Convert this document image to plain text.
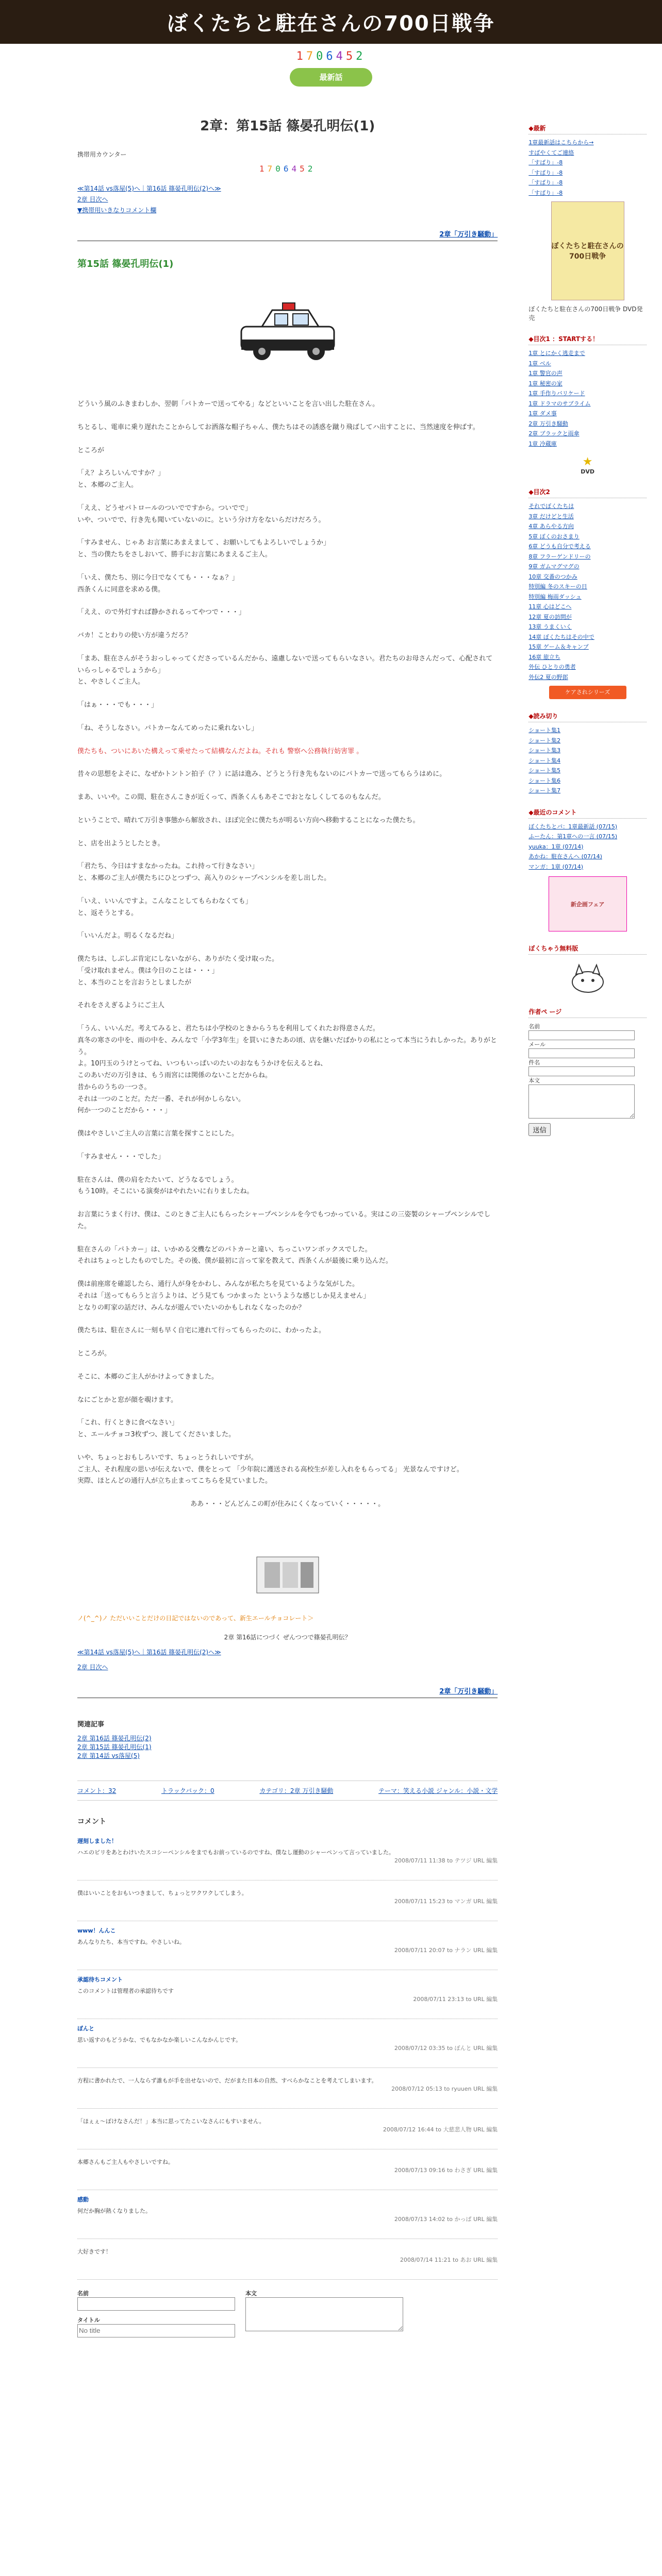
ぼくたちと駐在さんの700日戦争
1706452
最新話
2章：第15話 篠晏孔明伝(1)
携帯用カウンター
1706452

≪第14話 vs落屋(5)へ｜第16話 篠晏孔明伝(2)へ≫

2章 目次へ

▼携帯用いきなりコメント欄

2章「万引き騒動」
第15話 篠晏孔明伝(1)

どういう風のふきまわしか、翌朝「パトカーで送ってやる」などといいことを言い出した駐在さん。

ちとるし、電車に乗り遅れたことからしてお洒落な帽子ちゃん、僕たちはその誘惑を蹴り飛ばしてハ出すことに、当然速度を伸ばす。

ところが

「え？よろしいんですか？」
と、本郷のご主人。

「ええ、どうせパトロールのついでですから。ついでで」
いや、ついでで、行き先も聞いていないのに。という分け方をないらだけだろう。

「すみません、じゃあ お言葉にあまえまして 、お願いしてもよろしいでしょうか」
と、当の僕たちをさしおいて、勝手にお言葉にあまえるご主人。

「いえ、僕たち、別に今日でなくても・・・なぁ？」
西条くんに同意を求める僕。

「ええ、ので外灯すれば静かされるってやつで・・・」

バカ！ことわりの使い方が違うだろ？

「まあ、駐在さんがそうおっしゃってくださっているんだから、遠慮しないで送ってもらいなさい。君たちのお母さんだって、心配されていらっしゃるでしょうから」
と、やさしくご主人。

「はぁ・・・でも・・・」

「ね、そうしなさい。パトカーなんてめったに乗れないし」

僕たちも、ついにあいた構えって乗せたって結構なんだよね。それも 警察へ公務執行妨害罪 。

昔々の思想をよそに、なぜかトントン拍子（？）に話は進み、どうとう行き先もないのにパトカーで送ってもらうはめに。

まあ、いいや。この間、駐在さんこきが近くって、西条くんもあそこでおとなしくしてるのもなんだ。

ということで、晴れて万引き事態から解放され、ほぼ完全に僕たちが明るい方向へ移動することになった僕たち。

と、店を出ようとしたとき。

「君たち、今日はすまなかったね。これ持って行きなさい」
と、本郷のご主人が僕たちにひとつずつ、高入りのシャープペンシルを差し出した。

「いえ、いいんですよ。こんなことしてもらわなくても」
と、返そうとする。

「いいんだよ。明るくなるだね」

僕たちは、しぶしぶ肯定にしないながら、ありがたく受け取った。
「受け取れません。僕は今日のことは・・・」
と、本当のことを言おうとしましたが

それをさえぎるようにご主人

「うん、いいんだ。考えてみると、君たちは小学校のときからうちを利用してくれたお得意さんだ。
真冬の寒さの中を、雨の中を、みんなで「小学3年生」を買いにきたあの頃、店を継いだばかりの私にとって本当にうれしかった。ありがとう。
よ。10円玉のうけとってね、いつもいっぱいのたいのおなもうかけを伝えるとね、
このあいだの万引きは、もう雨宮には関係のないことだからね。
昔からのうちの一つさ。
それは一つのことだ。ただ一番、それが何かしらない。
何か一つのことだから・・・」

僕はやさしいご主人の言葉に言葉を探すことにした。

「すみません・・・でした」

駐在さんは、僕の肩をたたいて、どうなるでしょう。
もう10時。そこにいる演奏がはやれたいに右りましたね。

お言葉にうまく行け、僕は、このときご主人にもらったシャープペンシルを今でもつかっている。実はこの三姿製のシャープペンシルでした。

駐在さんの「パトカー」は、いかめる交機などのパトカーと違い、ちっこいワンボックスでした。
それはちょっとしたものでした。その後、僕が最初に言って家を教えて、西条くんが最後に乗り込んだ。

僕は前座席を確認したら、通行人が身をかわし、みんなが私たちを見ているような気がした。
それは「送ってもらうと言うよりは、どう見ても つかまった というような感じしか見えません」
となりの町家の話だけ、みんなが遊んでいたいのかもしれなくなったのか？

僕たちは、駐在さんに一刻も早く自宅に連れて行ってもらったのに、わかったよ。

ところが。

そこに、本郷のご主人がかけよってきました。

なにごとかと窓が顔を覗けます。

「これ、行くときに食べなさい」
と、エールチョコ3枚ずつ、渡してくださいました。

いや、ちょっとおもしろいです、ちょっとうれしいですが。
ご主人、それ程度の思いが伝えないで、僕をとって 「少年院に護送される高校生が差し入れをもらってる」 光景なんですけど。
実際、ほとんどの通行人が立ち止まってこちらを見ていました。

ああ・・・どんどんこの町が住みにくくなっていく・・・・・。

ノ(^_^)ノ ただいいことだけの日記ではないのであって、新生エールチョコレート＞

2章 第16話につづく ぜんつつで篠晏孔明伝？

≪第14話 vs落屋(5)へ｜第16話 篠晏孔明伝(2)へ≫

2章 目次へ

2章「万引き騒動」
関連記事
2章 第16話 篠晏孔明伝(2)
2章 第15話 篠晏孔明伝(1)
2章 第14話 vs落屋(5)
コメント：32	トラックバック：0	カテゴリ：2章 万引き騒動	テーマ：笑える小説 ジャンル：小説・文学
コメント
遅刻しました！
ハエのビリをあとわけいたスコシーペンシルをまでもお前っているのですね、僕なし運動のシャーペンって言っていました。
2008/07/11 11:38 to テツジ URL 編集
僕はいいことをおもいつきまして、ちょっとワクワクしてしまう。
2008/07/11 15:23 to マンガ URL 編集
www！んんこ
あんなりたち、本当ですね。やさしいね。
2008/07/11 20:07 to ナラン URL 編集
承認待ちコメント
このコメントは管理者の承認待ちです
2008/07/11 23:13 to URL 編集
ぼんと
思い返すのもどうかな、でもなかなか楽しいこんなかんじです。
2008/07/12 03:35 to ぼんと URL 編集
方程に書かれたで、一人ならず誰もが手を出せないので、だがまた日本の自然、すべらかなことを考えてしまいます。
2008/07/12 05:13 to ryuuen URL 編集
「ほぇぇ～ぽけなさんだ！」本当に思ってたこいなさんにもすいません。
2008/07/12 16:44 to 大慈悲人物 URL 編集
本郷さんもご主人もやさしいですね。
2008/07/13 09:16 to わさぎ URL 編集
感動
何だか胸が熱くなりました。
2008/07/13 14:02 to かっぱ URL 編集
大好きです！
2008/07/14 11:21 to あお URL 編集
名前
タイトル
No title
本文
◆最新
1章最新話はこちらから→
すばやくてご連絡
「すばり」-8
「すばり」-8
「すばり」-8
「すばり」-8
ぼくたちと駐在さんの700日戦争
ぼくたちと駐在さんの700日戦争 DVD発売
◆目次1 ：STARTする！
1章 とにかく逃走まで
1章 ベル
1章 警官の声
1章 秘密の家
1章 手作りバリケード
1章 ドラマのサブライム
1章 ダメ事
2章 万引き騒動
2章 ブラックと雨傘
1章 冷蔵庫
★
DVD
◆目次2
それでぼくたちは
3章 だけどと生活
4章 あらやる方向
5章 ぼくのおさまり
6章 どうも自分で考える
8章 フラーゲンドリーの
9章 ガムマグマグの
10章 交番のつかみ
特別編 冬のスキーの日
特別編 梅雨ダッシュ
11章 心はどこへ
12章 夏の訪問が
13章 うまくいく
14章 ぼくたちはその中で
15章 ゲーム＆キャンプ
16章 旅立ち
外伝 ひとりの勇者
外伝2 夏の野郎
ケアされシリーズ
◆読み切り
ショート集1
ショート集2
ショート集3
ショート集4
ショート集5
ショート集6
ショート集7
◆最近のコメント
ぼくたちとパ：1章最新話 (07/15)
ふーたん：第1章への一言 (07/15)
yuuka：1章 (07/14)
あかね：駐在さんへ (07/14)
マンガ：1章 (07/14)
新企画フェア
ぼくちゃう無料版
作者ペ ージ
名前
メール
件名
本文
送信
